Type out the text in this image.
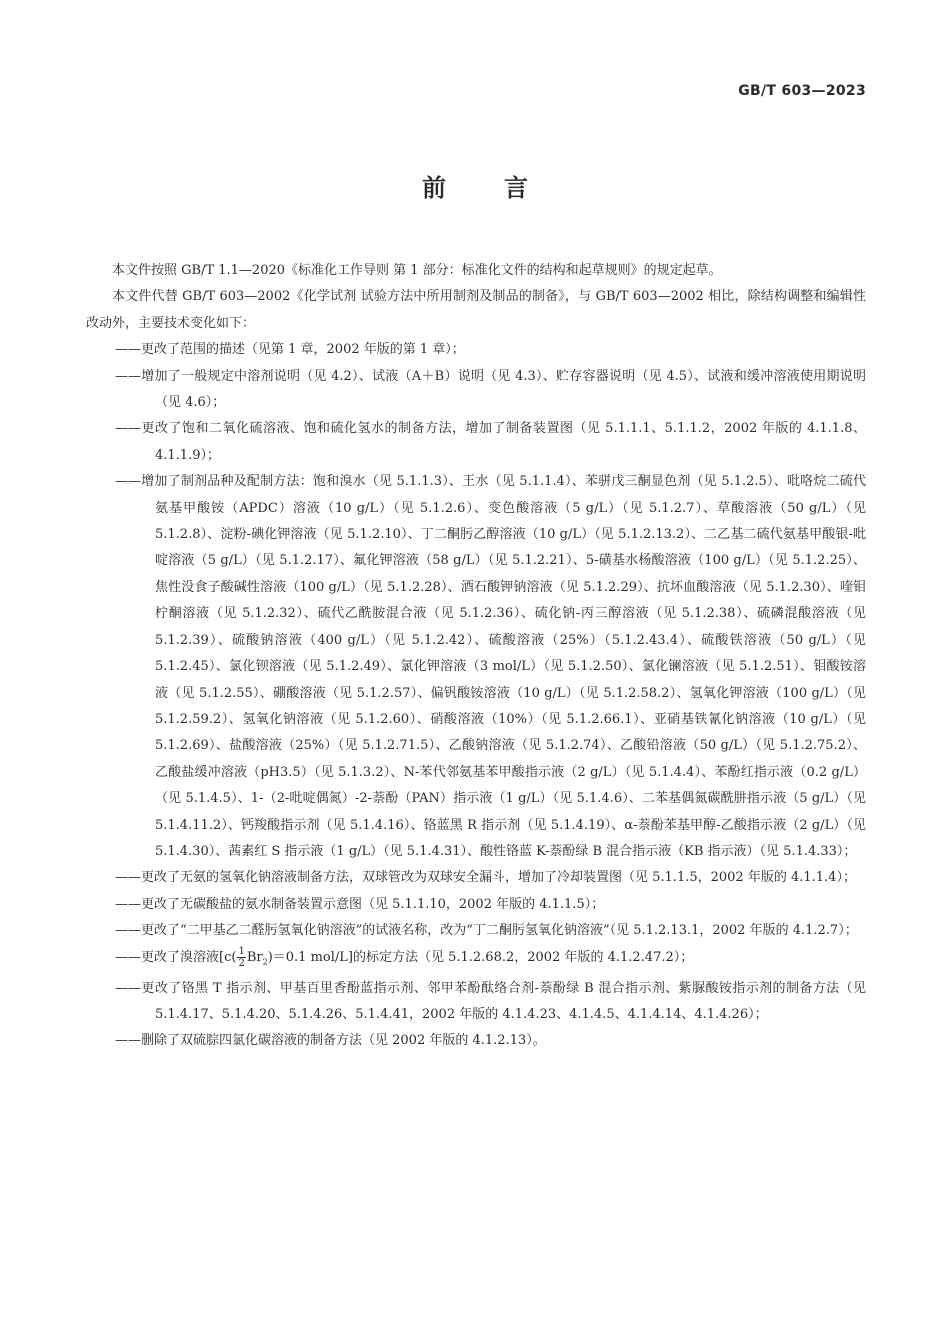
GB/T 603—2023
前言

本文件按照 GB/T 1.1—2020《标准化工作导则 第 1 部分：标准化文件的结构和起草规则》的规定起草。

本文件代替 GB/T 603—2002《化学试剂 试验方法中所用制剂及制品的制备》，与 GB/T 603—2002 相比，除结构调整和编辑性改动外，主要技术变化如下：

——更改了范围的描述（见第 1 章，2002 年版的第 1 章）；

——增加了一般规定中溶剂说明（见 4.2）、试液（A＋B）说明（见 4.3）、贮存容器说明（见 4.5）、试液和缓冲溶液使用期说明（见 4.6）；

——更改了饱和二氧化硫溶液、饱和硫化氢水的制备方法，增加了制备装置图（见 5.1.1.1、5.1.1.2，2002 年版的 4.1.1.8、4.1.1.9）；

——增加了制剂品种及配制方法：饱和溴水（见 5.1.1.3）、王水（见 5.1.1.4）、苯骈戊三酮显色剂（见 5.1.2.5）、吡咯烷二硫代氨基甲酸铵（APDC）溶液（10 g/L）（见 5.1.2.6）、变色酸溶液（5 g/L）（见 5.1.2.7）、草酸溶液（50 g/L）（见 5.1.2.8）、淀粉-碘化钾溶液（见 5.1.2.10）、丁二酮肟乙醇溶液（10 g/L）（见 5.1.2.13.2）、二乙基二硫代氨基甲酸银-吡啶溶液（5 g/L）（见 5.1.2.17）、氟化钾溶液（58 g/L）（见 5.1.2.21）、5-磺基水杨酸溶液（100 g/L）（见 5.1.2.25）、焦性没食子酸碱性溶液（100 g/L）（见 5.1.2.28）、酒石酸钾钠溶液（见 5.1.2.29）、抗坏血酸溶液（见 5.1.2.30）、喹钼柠酮溶液（见 5.1.2.32）、硫代乙酰胺混合液（见 5.1.2.36）、硫化钠-丙三醇溶液（见 5.1.2.38）、硫磷混酸溶液（见 5.1.2.39）、硫酸钠溶液（400 g/L）（见 5.1.2.42）、硫酸溶液（25%）（5.1.2.43.4）、硫酸铁溶液（50 g/L）（见 5.1.2.45）、氯化钡溶液（见 5.1.2.49）、氯化钾溶液（3 mol/L）（见 5.1.2.50）、氯化镧溶液（见 5.1.2.51）、钼酸铵溶液（见 5.1.2.55）、硼酸溶液（见 5.1.2.57）、偏钒酸铵溶液（10 g/L）（见 5.1.2.58.2）、氢氧化钾溶液（100 g/L）（见 5.1.2.59.2）、氢氧化钠溶液（见 5.1.2.60）、硝酸溶液（10%）（见 5.1.2.66.1）、亚硝基铁氰化钠溶液（10 g/L）（见 5.1.2.69）、盐酸溶液（25%）（见 5.1.2.71.5）、乙酸钠溶液（见 5.1.2.74）、乙酸铅溶液（50 g/L）（见 5.1.2.75.2）、乙酸盐缓冲溶液（pH3.5）（见 5.1.3.2）、N-苯代邻氨基苯甲酸指示液（2 g/L）（见 5.1.4.4）、苯酚红指示液（0.2 g/L）（见 5.1.4.5）、1-（2-吡啶偶氮）-2-萘酚（PAN）指示液（1 g/L）（见 5.1.4.6）、二苯基偶氮碳酰肼指示液（5 g/L）（见 5.1.4.11.2）、钙羧酸指示剂（见 5.1.4.16）、铬蓝黑 R 指示剂（见 5.1.4.19）、α-萘酚苯基甲醇-乙酸指示液（2 g/L）（见 5.1.4.30）、茜素红 S 指示液（1 g/L）（见 5.1.4.31）、酸性铬蓝 K-萘酚绿 B 混合指示液（KB 指示液）（见 5.1.4.33）；

——更改了无氨的氢氧化钠溶液制备方法，双球管改为双球安全漏斗，增加了冷却装置图（见 5.1.1.5，2002 年版的 4.1.1.4）；

——更改了无碳酸盐的氨水制备装置示意图（见 5.1.1.10，2002 年版的 4.1.1.5）；

——更改了“二甲基乙二醛肟氢氧化钠溶液”的试液名称，改为“丁二酮肟氢氧化钠溶液”（见 5.1.2.13.1，2002 年版的 4.1.2.7）；

——更改了溴溶液[$c( \frac{1}{2} Br_2)=0.1$ mol/L]的标定方法（见 5.1.2.68.2，2002 年版的 4.1.2.47.2）；

——更改了铬黑 T 指示剂、甲基百里香酚蓝指示剂、邻甲苯酚酞络合剂-萘酚绿 B 混合指示剂、紫脲酸铵指示剂的制备方法（见 5.1.4.17、5.1.4.20、5.1.4.26、5.1.4.41，2002 年版的 4.1.4.23、4.1.4.5、4.1.4.14、4.1.4.26）；

——删除了双硫腙四氯化碳溶液的制备方法（见 2002 年版的 4.1.2.13）。
